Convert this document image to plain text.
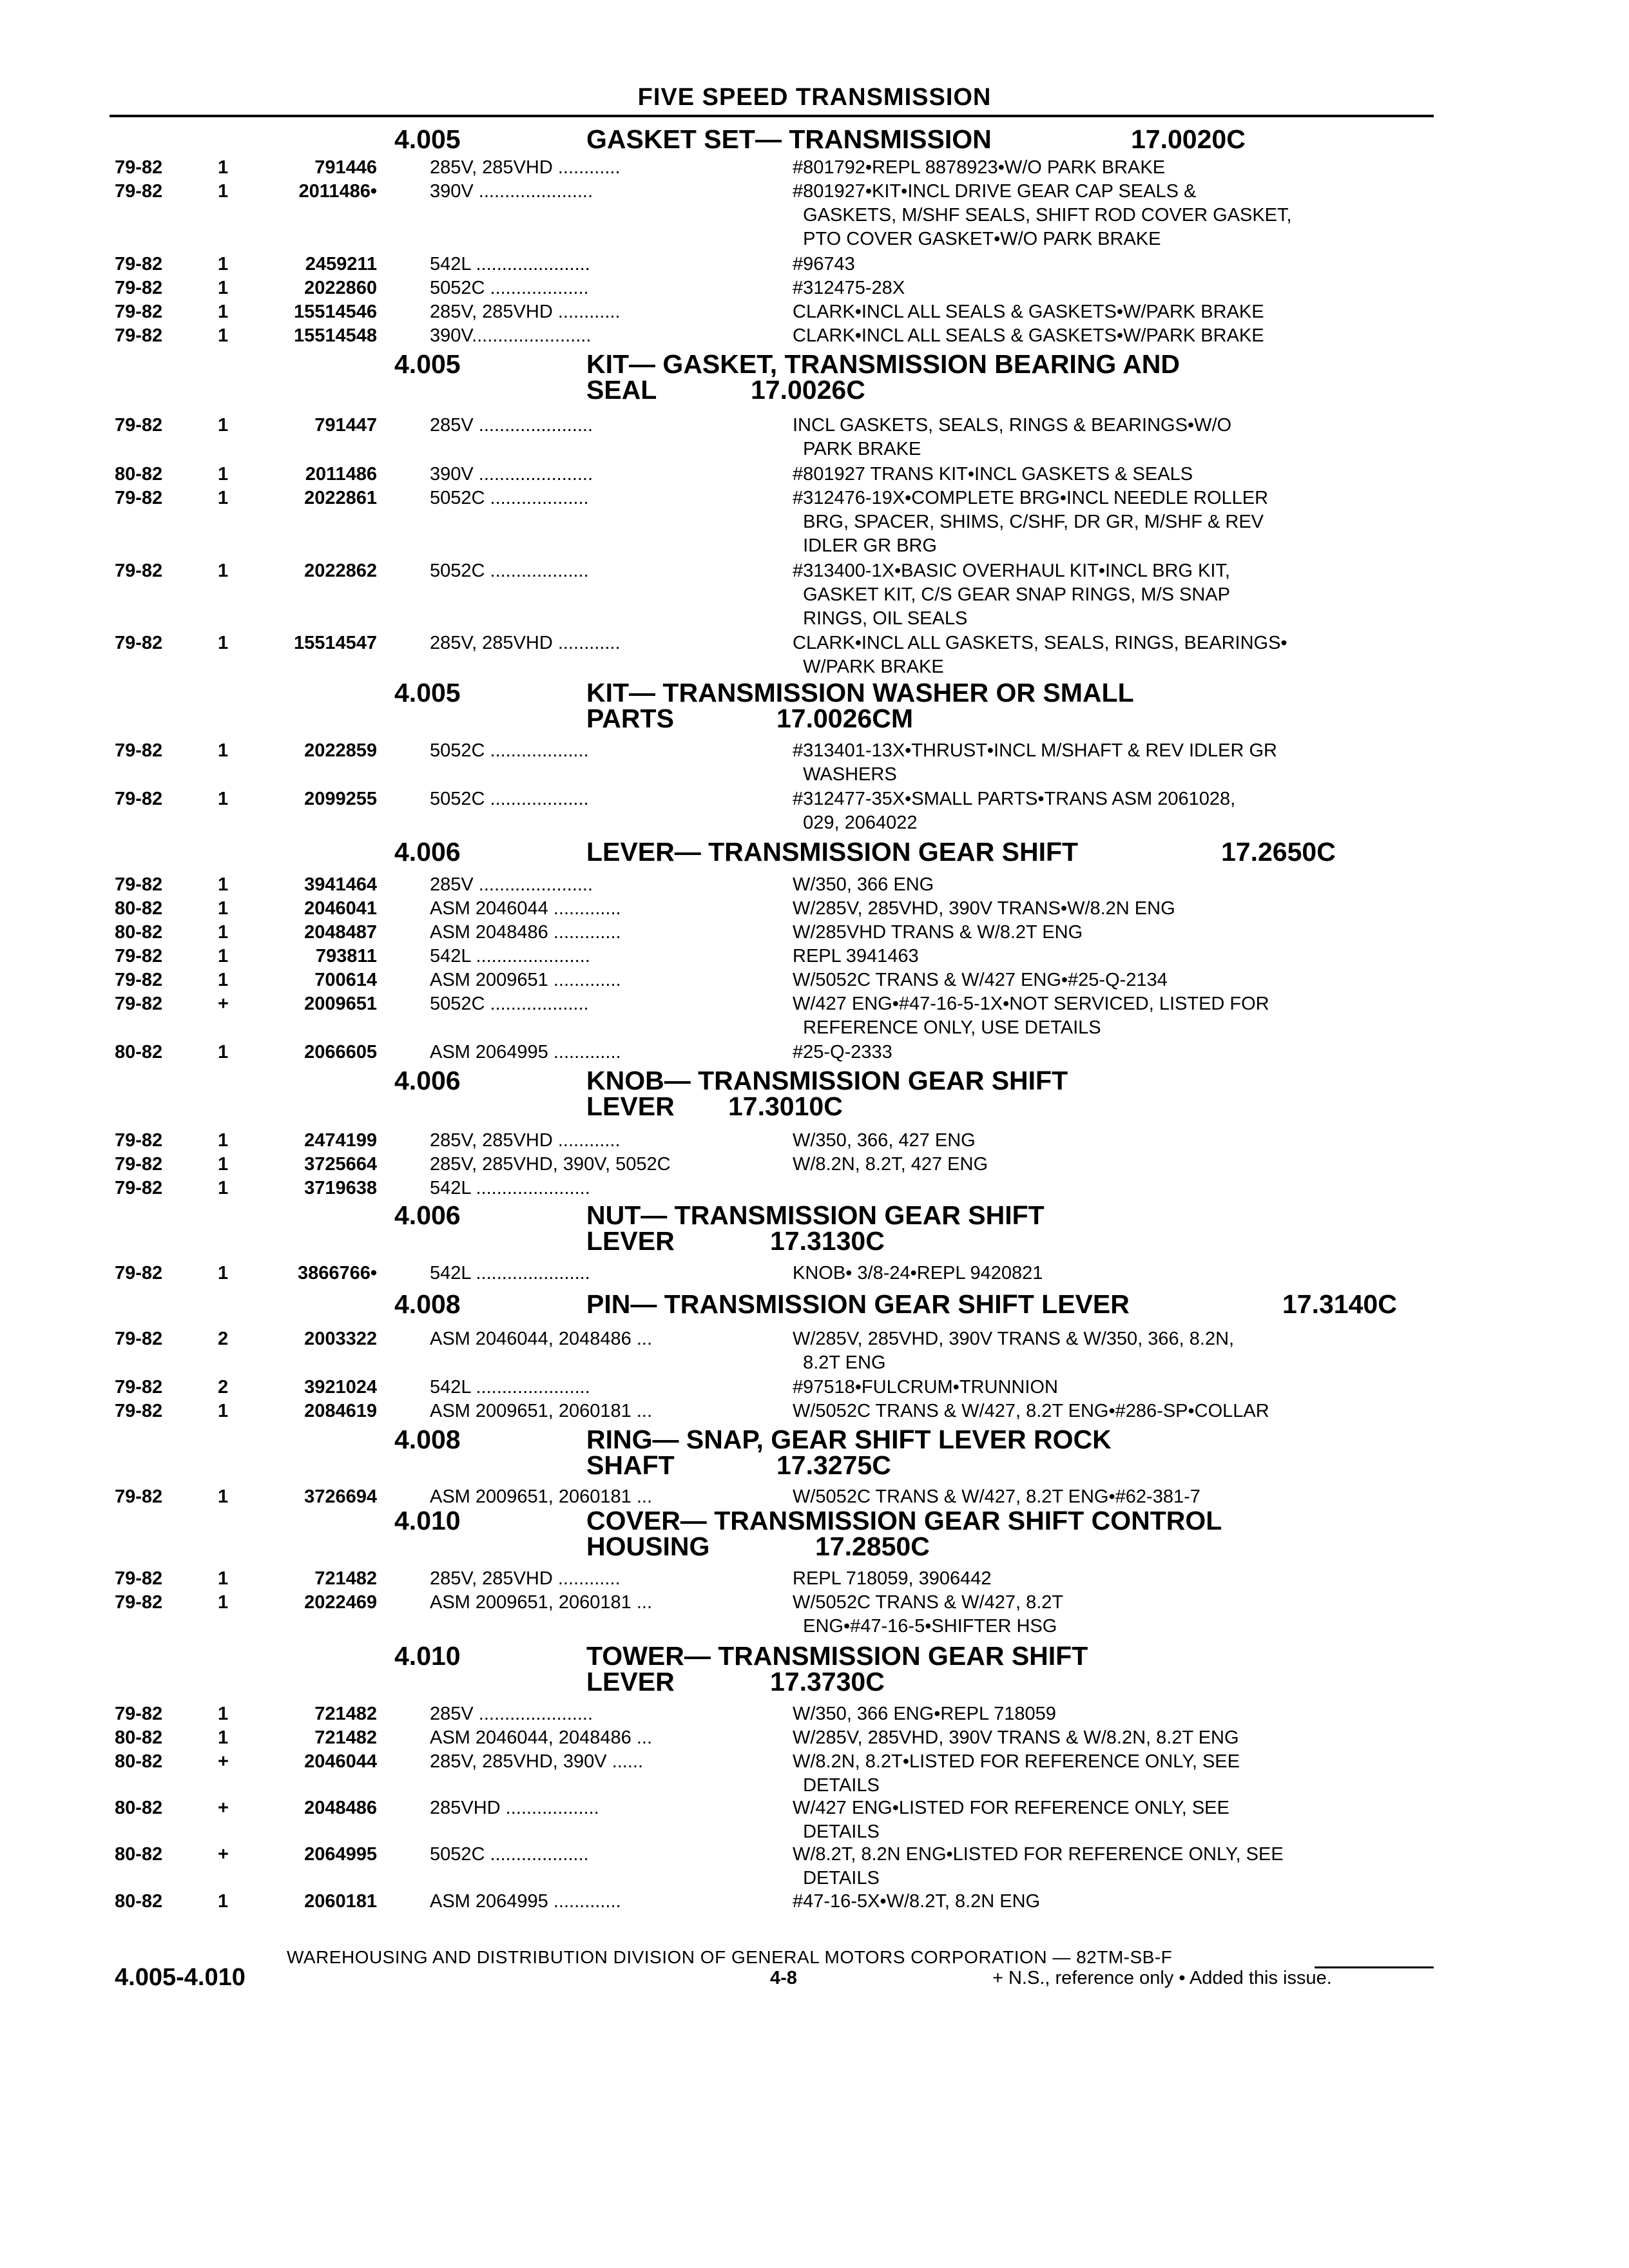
FIVE SPEED TRANSMISSION
4.005	GASKET SET— TRANSMISSION	17.0020C
79-82	1	791446	285V, 285VHD ............	#801792•REPL 8878923•W/O PARK BRAKE
79-82	1	2011486•	390V ......................	#801927•KIT•INCL DRIVE GEAR CAP SEALS &
GASKETS, M/SHF SEALS, SHIFT ROD COVER GASKET,
PTO COVER GASKET•W/O PARK BRAKE
79-82	1	2459211	542L ......................	#96743
79-82	1	2022860	5052C ...................	#312475-28X
79-82	1	15514546	285V, 285VHD ............	CLARK•INCL ALL SEALS & GASKETS•W/PARK BRAKE
79-82	1	15514548	390V.......................	CLARK•INCL ALL SEALS & GASKETS•W/PARK BRAKE
4.005	KIT— GASKET, TRANSMISSION BEARING AND
SEAL	17.0026C
79-82	1	791447	285V ......................	INCL GASKETS, SEALS, RINGS & BEARINGS•W/O
PARK BRAKE
80-82	1	2011486	390V ......................	#801927 TRANS KIT•INCL GASKETS & SEALS
79-82	1	2022861	5052C ...................	#312476-19X•COMPLETE BRG•INCL NEEDLE ROLLER
BRG, SPACER, SHIMS, C/SHF, DR GR, M/SHF & REV
IDLER GR BRG
79-82	1	2022862	5052C ...................	#313400-1X•BASIC OVERHAUL KIT•INCL BRG KIT,
GASKET KIT, C/S GEAR SNAP RINGS, M/S SNAP
RINGS, OIL SEALS
79-82	1	15514547	285V, 285VHD ............	CLARK•INCL ALL GASKETS, SEALS, RINGS, BEARINGS•
W/PARK BRAKE
4.005	KIT— TRANSMISSION WASHER OR SMALL
PARTS	17.0026CM
79-82	1	2022859	5052C ...................	#313401-13X•THRUST•INCL M/SHAFT & REV IDLER GR
WASHERS
79-82	1	2099255	5052C ...................	#312477-35X•SMALL PARTS•TRANS ASM 2061028,
029, 2064022
4.006	LEVER— TRANSMISSION GEAR SHIFT	17.2650C
79-82	1	3941464	285V ......................	W/350, 366 ENG
80-82	1	2046041	ASM 2046044 .............	W/285V, 285VHD, 390V TRANS•W/8.2N ENG
80-82	1	2048487	ASM 2048486 .............	W/285VHD TRANS & W/8.2T ENG
79-82	1	793811	542L ......................	REPL 3941463
79-82	1	700614	ASM 2009651 .............	W/5052C TRANS & W/427 ENG•#25-Q-2134
79-82	+	2009651	5052C ...................	W/427 ENG•#47-16-5-1X•NOT SERVICED, LISTED FOR
REFERENCE ONLY, USE DETAILS
80-82	1	2066605	ASM 2064995 .............	#25-Q-2333
4.006	KNOB— TRANSMISSION GEAR SHIFT
LEVER 17.3010C
79-82	1	2474199	285V, 285VHD ............	W/350, 366, 427 ENG
79-82	1	3725664	285V, 285VHD, 390V, 5052C	W/8.2N, 8.2T, 427 ENG
79-82	1	3719638	542L ......................
4.006	NUT— TRANSMISSION GEAR SHIFT
LEVER	17.3130C
79-82	1	3866766•	542L ......................	KNOB• 3/8-24•REPL 9420821
4.008	PIN— TRANSMISSION GEAR SHIFT LEVER	17.3140C
79-82	2	2003322	ASM 2046044, 2048486 ...	W/285V, 285VHD, 390V TRANS & W/350, 366, 8.2N,
8.2T ENG
79-82	2	3921024	542L ......................	#97518•FULCRUM•TRUNNION
79-82	1	2084619	ASM 2009651, 2060181 ...	W/5052C TRANS & W/427, 8.2T ENG•#286-SP•COLLAR
4.008	RING— SNAP, GEAR SHIFT LEVER ROCK
SHAFT	17.3275C
79-82	1	3726694	ASM 2009651, 2060181 ...	W/5052C TRANS & W/427, 8.2T ENG•#62-381-7
4.010	COVER— TRANSMISSION GEAR SHIFT CONTROL
HOUSING	17.2850C
79-82	1	721482	285V, 285VHD ............	REPL 718059, 3906442
79-82	1	2022469	ASM 2009651, 2060181 ...	W/5052C TRANS & W/427, 8.2T
ENG•#47-16-5•SHIFTER HSG
4.010	TOWER— TRANSMISSION GEAR SHIFT
LEVER	17.3730C
79-82	1	721482	285V ......................	W/350, 366 ENG•REPL 718059
80-82	1	721482	ASM 2046044, 2048486 ...	W/285V, 285VHD, 390V TRANS & W/8.2N, 8.2T ENG
80-82	+	2046044	285V, 285VHD, 390V ......	W/8.2N, 8.2T•LISTED FOR REFERENCE ONLY, SEE
DETAILS
80-82	+	2048486	285VHD ..................	W/427 ENG•LISTED FOR REFERENCE ONLY, SEE
DETAILS
80-82	+	2064995	5052C ...................	W/8.2T, 8.2N ENG•LISTED FOR REFERENCE ONLY, SEE
DETAILS
80-82	1	2060181	ASM 2064995 .............	#47-16-5X•W/8.2T, 8.2N ENG
WAREHOUSING AND DISTRIBUTION DIVISION OF GENERAL MOTORS CORPORATION — 82TM-SB-F
4.005-4.010	4-8	+ N.S., reference only • Added this issue.
